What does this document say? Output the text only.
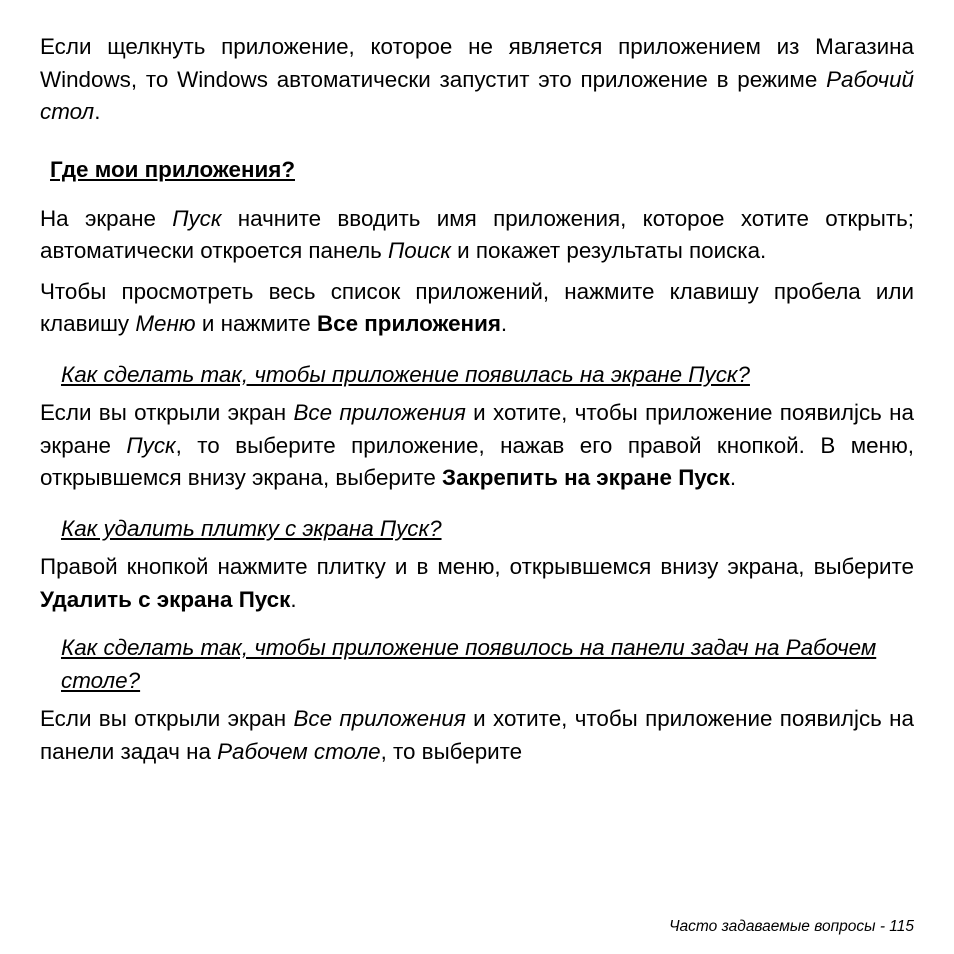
Если щелкнуть приложение, которое не является приложением из Магазина Windows, то Windows автоматически запустит это приложение в режиме Рабочий стол.

Где мои приложения?

На экране Пуск начните вводить имя приложения, которое хотите открыть; автоматически откроется панель Поиск и покажет результаты поиска.

Чтобы просмотреть весь список приложений, нажмите клавишу пробела или клавишу Меню и нажмите Все приложения.

Как сделать так, чтобы приложение появилась на экране Пуск?

Если вы открыли экран Все приложения и хотите, чтобы приложение появилјсь на экране Пуск, то выберите приложение, нажав его правой кнопкой. В меню, открывшемся внизу экрана, выберите Закрепить на экране Пуск.

Как удалить плитку с экрана Пуск?

Правой кнопкой нажмите плитку и в меню, открывшемся внизу экрана, выберите Удалить с экрана Пуск.

Как сделать так, чтобы приложение появилось на панели задач на Рабочем столе?

Если вы открыли экран Все приложения и хотите, чтобы приложение появилјсь на панели задач на Рабочем столе, то выберите

Часто задаваемые вопросы - 115
